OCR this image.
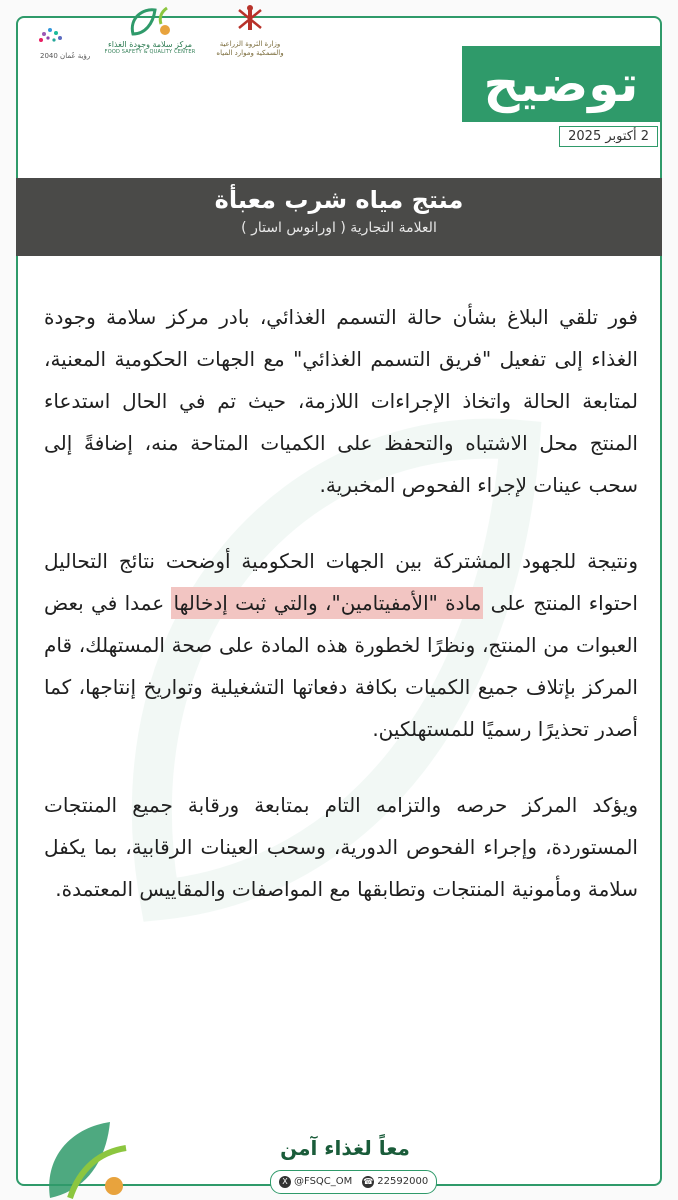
رؤية عُمان 2040
مركز سلامة وجودة الغذاء
FOOD SAFETY & QUALITY CENTER
وزارة الثروة الزراعية
والسمكية وموارد المياه
توضيح
2 أكتوبر 2025
منتج مياه شرب معبأة
العلامة التجارية ( اورانوس استار )

فور تلقي البلاغ بشأن حالة التسمم الغذائي، بادر مركز سلامة وجودة الغذاء إلى تفعيل "فريق التسمم الغذائي" مع الجهات الحكومية المعنية، لمتابعة الحالة واتخاذ الإجراءات اللازمة، حيث تم في الحال استدعاء المنتج محل الاشتباه والتحفظ على الكميات المتاحة منه، إضافةً إلى سحب عينات لإجراء الفحوص المخبرية.

ونتيجة للجهود المشتركة بين الجهات الحكومية أوضحت نتائج التحاليل احتواء المنتج على مادة "الأمفيتامين"، والتي ثبت إدخالها عمدا في بعض العبوات من المنتج، ونظرًا لخطورة هذه المادة على صحة المستهلك، قام المركز بإتلاف جميع الكميات بكافة دفعاتها التشغيلية وتواريخ إنتاجها، كما أصدر تحذيرًا رسميًا للمستهلكين.

ويؤكد المركز حرصه والتزامه التام بمتابعة ورقابة جميع المنتجات المستوردة، وإجراء الفحوص الدورية، وسحب العينات الرقابية، بما يكفل سلامة ومأمونية المنتجات وتطابقها مع المواصفات والمقاييس المعتمدة.

معاً لغذاء آمن
X @FSQC_OM ☎ 22592000
